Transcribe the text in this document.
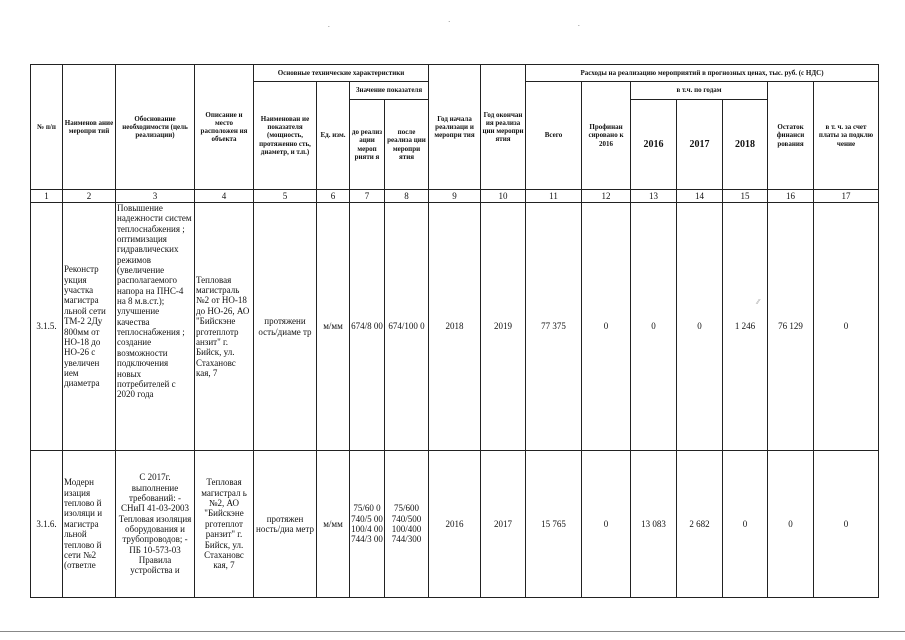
.	·	.
№ п/п	Наименов ание меропри тий	Обоснование необходимости (цель реализации)	Описание и место расположен ия объекта	Основные технические характеристики				Год начала реализаци и меропри тия	Год окончан ия реализа ции меропри ятия	Расходы на реализацию мероприятий в прогнозных ценах, тыс. руб. (с НДС)						
				Наименован ие показателя (мощность, протяженно сть, диаметр, и т.п.)	Ед. изм.	Значение показателя				Всего	Профинан сировано к 2016	в т.ч. по годам			Остаток финанси рования	в т. ч. за счет платы за подклю чение
						до реализ ации мероп рияти я	после реализа ции меропри ятия					2016	2017	2018		
1	2	3	4	5	6	7	8	9	10	11	12	13	14	15	16	17
3.1.5.	Реконстр укция участка магистра льной сети ТМ-2 2Ду 800мм от НО-18 до НО-26 с увеличен ием диаметра	Повышение надежности систем теплоснабжения ; оптимизация гидравлических режимов (увеличение располагаемого напора на ПНС-4 на 8 м.в.ст.); улучшение качества теплоснабжения ; создание возможности подключения новых потребителей с 2020 года	Тепловая магистраль №2 от НО-18 до НО-26, АО "Бийскэне рготеплотр анзит" г. Бийск, ул. Стахановс кая, 7	протяжени ость/диаме тр	м/мм	674/8 00	674/100 0	2018	2019	77 375	0	0	0	1 246	76 129	0
3.1.6.	Модерн изация теплово й изоляци и магистра льной теплово й сети №2 (ответле	С 2017г. выполнение требований: - СНиП 41-03-2003 Тепловая изоляция оборудования и трубопроводов; - ПБ 10-573-03 Правила устройства и	Тепловая магистрал ь №2, АО "Бийскэне рготеплот ранзит" г. Бийск, ул. Стахановс кая, 7	протяжен ность/диа метр	м/мм	75/60 0 740/5 00 100/4 00 744/3 00	75/600 740/500 100/400 744/300	2016	2017	15 765	0	13 083	2 682	0	0	0
⁄⁄
